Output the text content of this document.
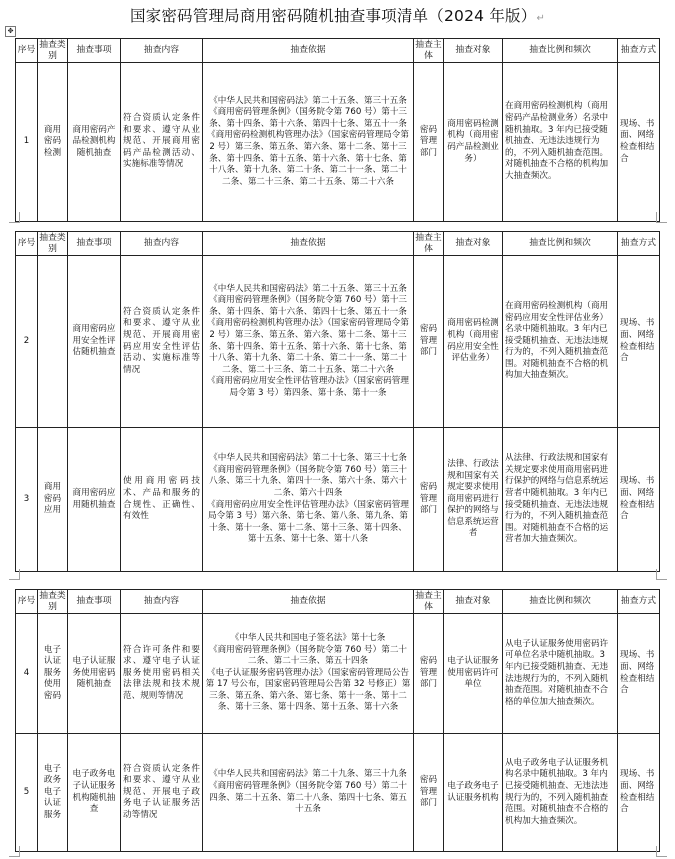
国家密码管理局商用密码随机抽查事项清单（2024 年版）↵
✥
序号	抽查类别	抽查事项	抽查内容	抽查依据	抽查主体	抽查对象	抽查比例和频次	抽查方式
1	商用密码检测	商用密码产品检测机构随机抽查	符合资质认定条件和要求、遵守从业规范、开展商用密码产品检测活动、实施标准等情况	《中华人民共和国密码法》第二十五条、第三十五条
《商用密码管理条例》（国务院令第 760 号）第十三条、第十四条、第十六条、第四十七条、第五十一条
《商用密码检测机构管理办法》（国家密码管理局令第 2 号）第三条、第五条、第六条、第十二条、第十三条、第十四条、第十五条、第十六条、第十七条、第十八条、第十九条、第二十条、第二十一条、第二十二条、第二十三条、第二十五条、第二十六条	密码管理部门	商用密码检测机构（商用密码产品检测业务）	在商用密码检测机构（商用密码产品检测业务）名录中随机抽取。3 年内已接受随机抽查、无违法违规行为的，不列入随机抽查范围。对随机抽查不合格的机构加大抽查频次。	现场、书面、网络检查相结合
序号	抽查类别	抽查事项	抽查内容	抽查依据	抽查主体	抽查对象	抽查比例和频次	抽查方式
2		商用密码应用安全性评估随机抽查	符合资质认定条件和要求、遵守从业规范、开展商用密码应用安全性评估活动、实施标准等情况	《中华人民共和国密码法》第二十五条、第三十五条
《商用密码管理条例》（国务院令第 760 号）第十三条、第十四条、第十六条、第四十七条、第五十一条
《商用密码检测机构管理办法》（国家密码管理局令第 2 号）第三条、第五条、第六条、第十二条、第十三条、第十四条、第十五条、第十六条、第十七条、第十八条、第十九条、第二十条、第二十一条、第二十二条、第二十三条、第二十五条、第二十六条
《商用密码应用安全性评估管理办法》（国家密码管理局令第 3 号）第四条、第十条、第十一条	密码管理部门	商用密码检测机构（商用密码应用安全性评估业务）	在商用密码检测机构（商用密码应用安全性评估业务）名录中随机抽取。3 年内已接受随机抽查、无违法违规行为的，不列入随机抽查范围。对随机抽查不合格的机构加大抽查频次。	现场、书面、网络检查相结合
3	商用密码应用	商用密码应用随机抽查	使用商用密码技术、产品和服务的合规性、正确性、有效性	《中华人民共和国密码法》第二十七条、第三十七条
《商用密码管理条例》（国务院令第 760 号）第三十八条、第三十九条、第四十一条、第六十条、第六十二条、第六十四条
《商用密码应用安全性评估管理办法》（国家密码管理局令第 3 号）第六条、第七条、第八条、第九条、第十条、第十一条、第十二条、第十三条、第十四条、第十五条、第十七条、第十八条	密码管理部门	法律、行政法规和国家有关规定要求使用商用密码进行保护的网络与信息系统运营者	从法律、行政法规和国家有关规定要求使用商用密码进行保护的网络与信息系统运营者中随机抽取。3 年内已接受随机抽查、无违法违规行为的，不列入随机抽查范围。对随机抽查不合格的运营者加大抽查频次。	现场、书面、网络检查相结合
序号	抽查类别	抽查事项	抽查内容	抽查依据	抽查主体	抽查对象	抽查比例和频次	抽查方式
4	电子认证服务使用密码	电子认证服务使用密码随机抽查	符合许可条件和要求、遵守电子认证服务使用密码相关法律法规和技术规范、规则等情况	《中华人民共和国电子签名法》第十七条
《商用密码管理条例》（国务院令第 760 号）第二十二条、第二十三条、第五十四条
《电子认证服务密码管理办法》（国家密码管理局公告第 17 号公布，国家密码管理局公告第 32 号修正）第三条、第五条、第六条、第七条、第十一条、第十二条、第十三条、第十四条、第十五条、第十六条	密码管理部门	电子认证服务使用密码许可单位	从电子认证服务使用密码许可单位名录中随机抽取。3 年内已接受随机抽查、无违法违规行为的，不列入随机抽查范围。对随机抽查不合格的单位加大抽查频次。	现场、书面、网络检查相结合
5	电子政务电子认证服务	电子政务电子认证服务机构随机抽查	符合资质认定条件和要求、遵守从业规范、开展电子政务电子认证服务活动等情况	《中华人民共和国密码法》第二十九条、第三十九条
《商用密码管理条例》（国务院令第 760 号）第二十四条、第二十五条、第二十八条、第四十七条、第五十五条	密码管理部门	电子政务电子认证服务机构	从电子政务电子认证服务机构名录中随机抽取。3 年内已接受随机抽查、无违法违规行为的，不列入随机抽查范围。对随机抽查不合格的机构加大抽查频次。	现场、书面、网络检查相结合
